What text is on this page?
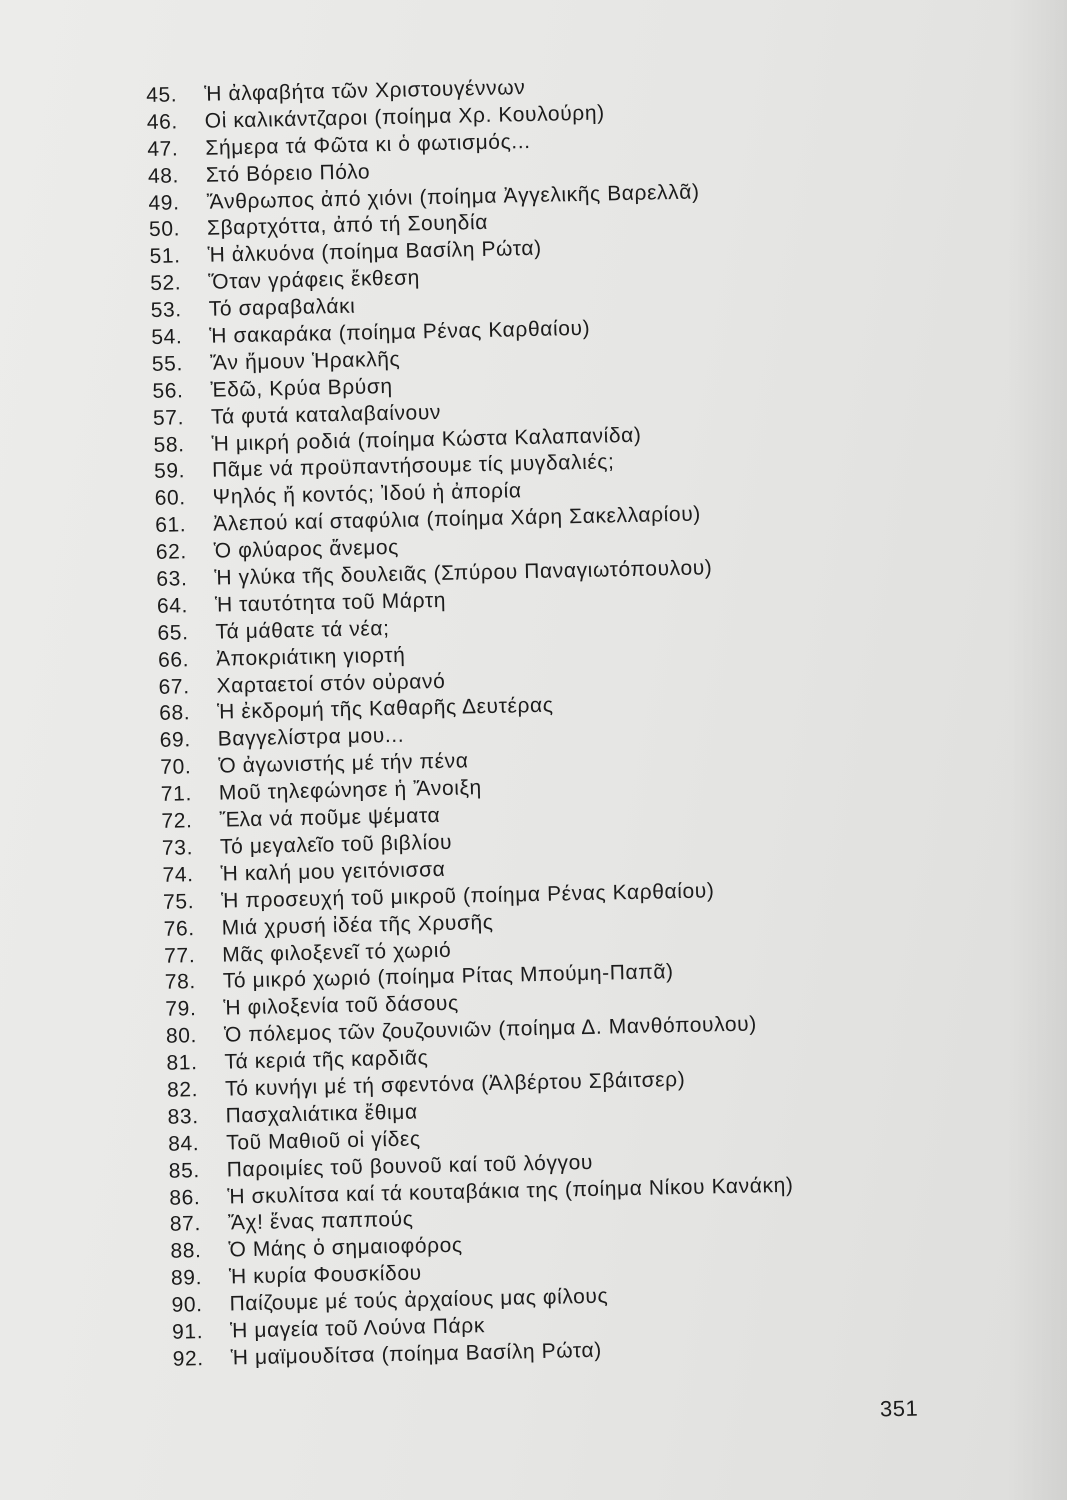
45.	Ἡ ἀλφαβήτα τῶν Χριστουγέννων
46.	Οἱ καλικάντζαροι (ποίημα Χρ. Κουλούρη)
47.	Σήμερα τά Φῶτα κι ὁ φωτισμός...
48.	Στό Βόρειο Πόλο
49.	Ἄνθρωπος ἀπό χιόνι (ποίημα Ἀγγελικῆς Βαρελλᾶ)
50.	Σβαρτχόττα, ἀπό τή Σουηδία
51.	Ἡ ἀλκυόνα (ποίημα Βασίλη Ρώτα)
52.	Ὅταν γράφεις ἔκθεση
53.	Τό σαραβαλάκι
54.	Ἡ σακαράκα (ποίημα Ρένας Καρθαίου)
55.	Ἄν ἤμουν Ἡρακλῆς
56.	Ἐδῶ, Κρύα Βρύση
57.	Τά φυτά καταλαβαίνουν
58.	Ἡ μικρή ροδιά (ποίημα Κώστα Καλαπανίδα)
59.	Πᾶμε νά προϋπαντήσουμε τίς μυγδαλιές;
60.	Ψηλός ἤ κοντός; Ἰδού ἡ ἀπορία
61.	Ἀλεπού καί σταφύλια (ποίημα Χάρη Σακελλαρίου)
62.	Ὁ φλύαρος ἄνεμος
63.	Ἡ γλύκα τῆς δουλειᾶς (Σπύρου Παναγιωτόπουλου)
64.	Ἡ ταυτότητα τοῦ Μάρτη
65.	Τά μάθατε τά νέα;
66.	Ἀποκριάτικη γιορτή
67.	Χαρταετοί στόν οὐρανό
68.	Ἡ ἐκδρομή τῆς Καθαρῆς Δευτέρας
69.	Βαγγελίστρα μου...
70.	Ὁ ἀγωνιστής μέ τήν πένα
71.	Μοῦ τηλεφώνησε ἡ Ἄνοιξη
72.	Ἔλα νά ποῦμε ψέματα
73.	Τό μεγαλεῖο τοῦ βιβλίου
74.	Ἡ καλή μου γειτόνισσα
75.	Ἡ προσευχή τοῦ μικροῦ (ποίημα Ρένας Καρθαίου)
76.	Μιά χρυσή ἰδέα τῆς Χρυσῆς
77.	Μᾶς φιλοξενεῖ τό χωριό
78.	Τό μικρό χωριό (ποίημα Ρίτας Μπούμη-Παπᾶ)
79.	Ἡ φιλοξενία τοῦ δάσους
80.	Ὁ πόλεμος τῶν ζουζουνιῶν (ποίημα Δ. Μανθόπουλου)
81.	Τά κεριά τῆς καρδιᾶς
82.	Τό κυνήγι μέ τή σφεντόνα (Ἀλβέρτου Σβάιτσερ)
83.	Πασχαλιάτικα ἔθιμα
84.	Τοῦ Μαθιοῦ οἱ γίδες
85.	Παροιμίες τοῦ βουνοῦ καί τοῦ λόγγου
86.	Ἡ σκυλίτσα καί τά κουταβάκια της (ποίημα Νίκου Κανάκη)
87.	Ἄχ! ἕνας παππούς
88.	Ὁ Μάης ὁ σημαιοφόρος
89.	Ἡ κυρία Φουσκίδου
90.	Παίζουμε μέ τούς ἀρχαίους μας φίλους
91.	Ἡ μαγεία τοῦ Λούνα Πάρκ
92.	Ἡ μαϊμουδίτσα (ποίημα Βασίλη Ρώτα)
351
